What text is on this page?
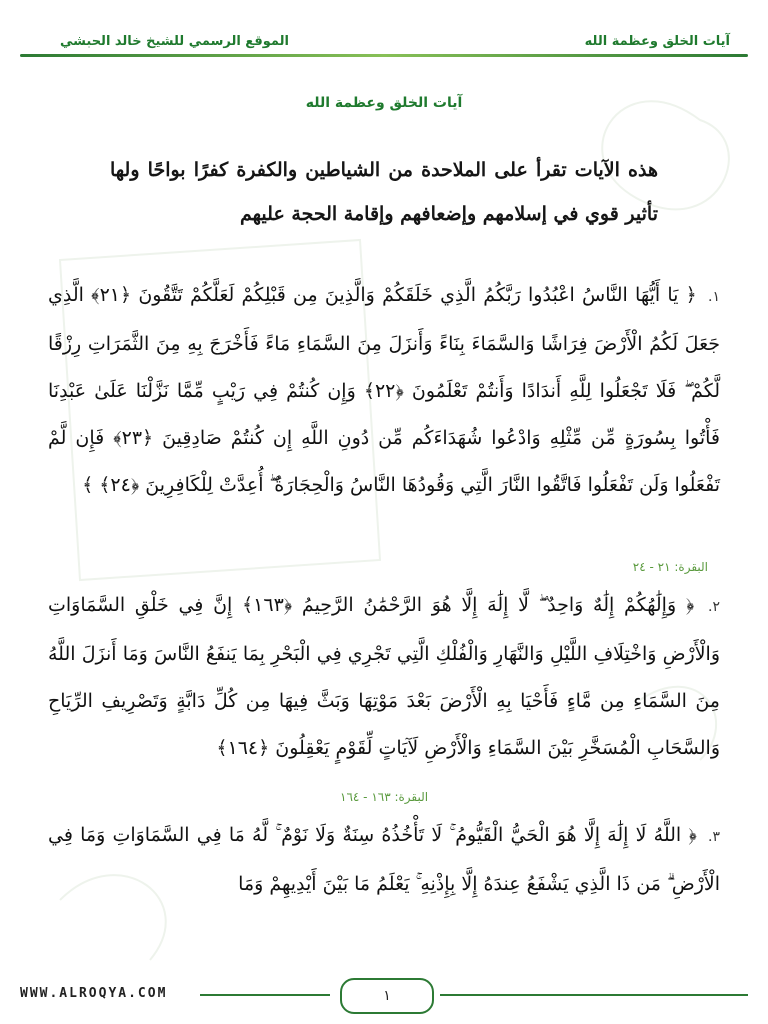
آيات الخلق وعظمة الله
الموقع الرسمي للشيخ خالد الحبشي
آيات الخلق وعظمة الله
هذه الآيات تقرأ على الملاحدة من الشياطين والكفرة كفرًا بواحًا ولها تأثير قوي في إسلامهم وإضعافهم وإقامة الحجة عليهم
١. ﴿ يَا أَيُّهَا النَّاسُ اعْبُدُوا رَبَّكُمُ الَّذِي خَلَقَكُمْ وَالَّذِينَ مِن قَبْلِكُمْ لَعَلَّكُمْ تَتَّقُونَ ﴿٢١﴾ الَّذِي جَعَلَ لَكُمُ الْأَرْضَ فِرَاشًا وَالسَّمَاءَ بِنَاءً وَأَنزَلَ مِنَ السَّمَاءِ مَاءً فَأَخْرَجَ بِهِ مِنَ الثَّمَرَاتِ رِزْقًا لَّكُمْ ۖ فَلَا تَجْعَلُوا لِلَّهِ أَندَادًا وَأَنتُمْ تَعْلَمُونَ ﴿٢٢﴾ وَإِن كُنتُمْ فِي رَيْبٍ مِّمَّا نَزَّلْنَا عَلَىٰ عَبْدِنَا فَأْتُوا بِسُورَةٍ مِّن مِّثْلِهِ وَادْعُوا شُهَدَاءَكُم مِّن دُونِ اللَّهِ إِن كُنتُمْ صَادِقِينَ ﴿٢٣﴾ فَإِن لَّمْ تَفْعَلُوا وَلَن تَفْعَلُوا فَاتَّقُوا النَّارَ الَّتِي وَقُودُهَا النَّاسُ وَالْحِجَارَةُ ۖ أُعِدَّتْ لِلْكَافِرِينَ ﴿٢٤﴾ ﴾
البقرة: ٢١ - ٢٤
٢. ﴿ وَإِلَٰهُكُمْ إِلَٰهٌ وَاحِدٌ ۖ لَّا إِلَٰهَ إِلَّا هُوَ الرَّحْمَٰنُ الرَّحِيمُ ﴿١٦٣﴾ إِنَّ فِي خَلْقِ السَّمَاوَاتِ وَالْأَرْضِ وَاخْتِلَافِ اللَّيْلِ وَالنَّهَارِ وَالْفُلْكِ الَّتِي تَجْرِي فِي الْبَحْرِ بِمَا يَنفَعُ النَّاسَ وَمَا أَنزَلَ اللَّهُ مِنَ السَّمَاءِ مِن مَّاءٍ فَأَحْيَا بِهِ الْأَرْضَ بَعْدَ مَوْتِهَا وَبَثَّ فِيهَا مِن كُلِّ دَابَّةٍ وَتَصْرِيفِ الرِّيَاحِ وَالسَّحَابِ الْمُسَخَّرِ بَيْنَ السَّمَاءِ وَالْأَرْضِ لَآيَاتٍ لِّقَوْمٍ يَعْقِلُونَ ﴿١٦٤﴾
البقرة: ١٦٣ - ١٦٤
٣. ﴿ اللَّهُ لَا إِلَٰهَ إِلَّا هُوَ الْحَيُّ الْقَيُّومُ ۚ لَا تَأْخُذُهُ سِنَةٌ وَلَا نَوْمٌ ۚ لَّهُ مَا فِي السَّمَاوَاتِ وَمَا فِي الْأَرْضِ ۗ مَن ذَا الَّذِي يَشْفَعُ عِندَهُ إِلَّا بِإِذْنِهِ ۚ يَعْلَمُ مَا بَيْنَ أَيْدِيهِمْ وَمَا
WWW.ALROQYA.COM	١
